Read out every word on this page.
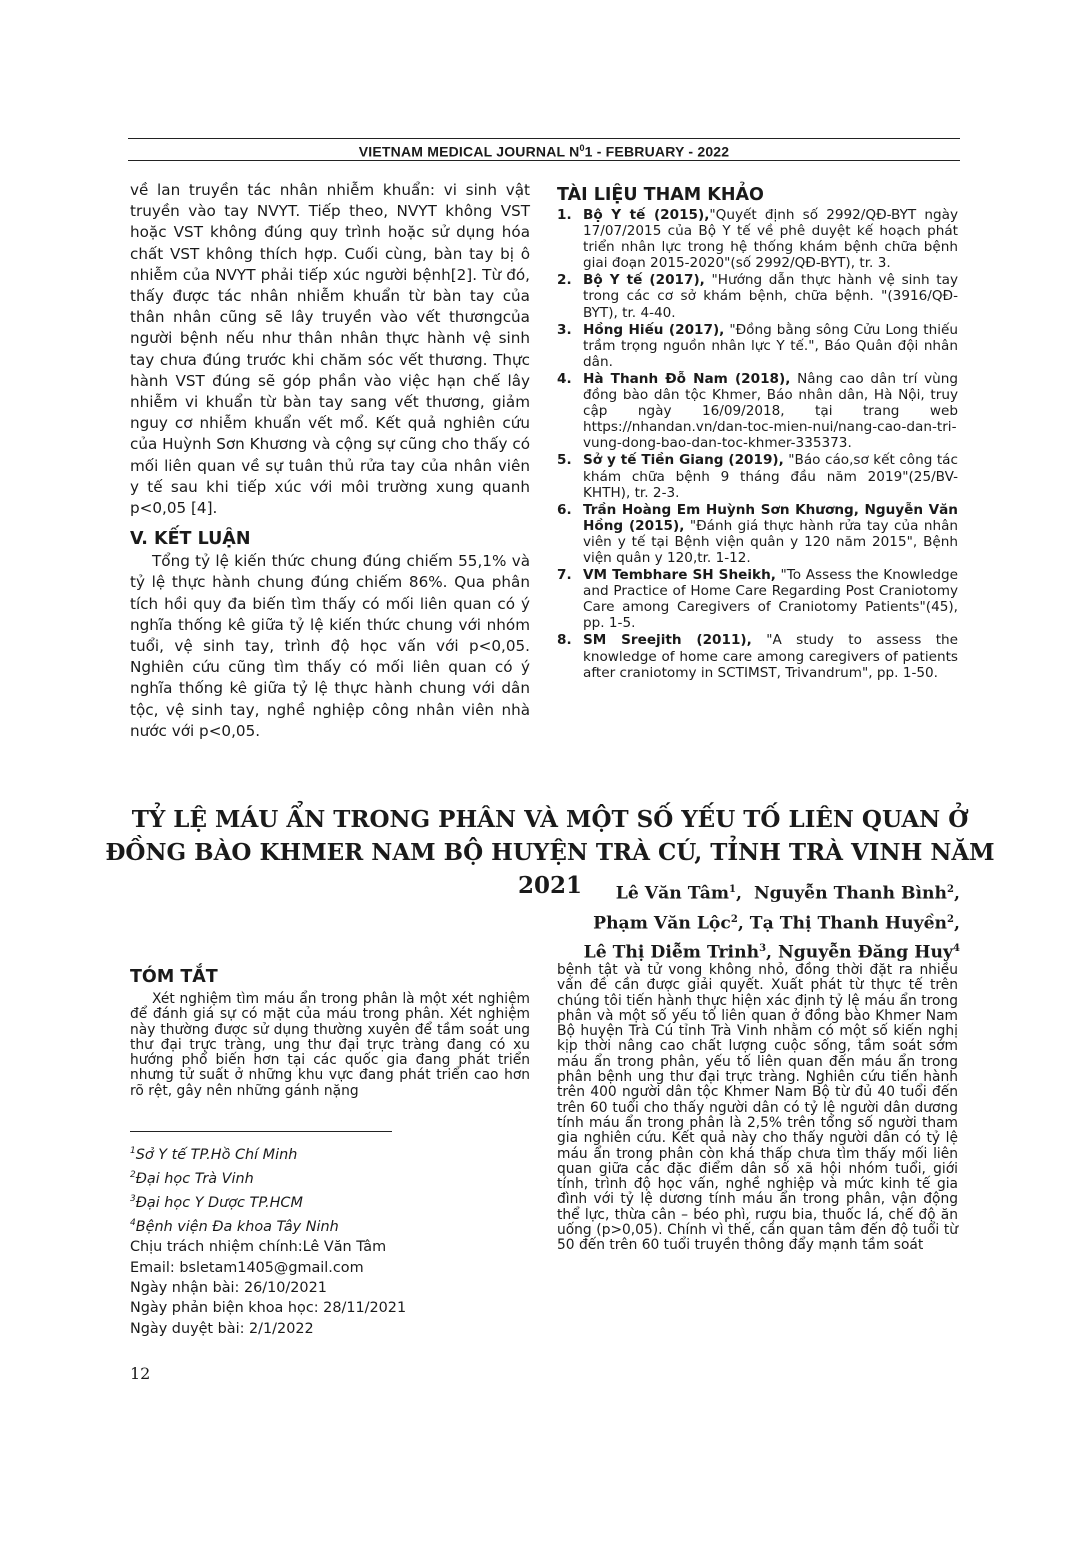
VIETNAM MEDICAL JOURNAL $N^01$ - FEBRUARY - 2022

về lan truyền tác nhân nhiễm khuẩn: vi sinh vật truyền vào tay NVYT. Tiếp theo, NVYT không VST hoặc VST không đúng quy trình hoặc sử dụng hóa chất VST không thích hợp. Cuối cùng, bàn tay bị ô nhiễm của NVYT phải tiếp xúc người bệnh[2]. Từ đó, thấy được tác nhân nhiễm khuẩn từ bàn tay của thân nhân cũng sẽ lây truyền vào vết thươngcủa người bệnh nếu như thân nhân thực hành vệ sinh tay chưa đúng trước khi chăm sóc vết thương. Thực hành VST đúng sẽ góp phần vào việc hạn chế lây nhiễm vi khuẩn từ bàn tay sang vết thương, giảm nguy cơ nhiễm khuẩn vết mổ. Kết quả nghiên cứu của Huỳnh Sơn Khương và cộng sự cũng cho thấy có mối liên quan về sự tuân thủ rửa tay của nhân viên y tế sau khi tiếp xúc với môi trường xung quanh p<0,05 [4].

V. KẾT LUẬN

Tổng tỷ lệ kiến thức chung đúng chiếm 55,1% và tỷ lệ thực hành chung đúng chiếm 86%. Qua phân tích hồi quy đa biến tìm thấy có mối liên quan có ý nghĩa thống kê giữa tỷ lệ kiến thức chung với nhóm tuổi, vệ sinh tay, trình độ học vấn với p<0,05. Nghiên cứu cũng tìm thấy có mối liên quan có ý nghĩa thống kê giữa tỷ lệ thực hành chung với dân tộc, vệ sinh tay, nghề nghiệp công nhân viên nhà nước với p<0,05.

TÀI LIỆU THAM KHẢO
1. Bộ Y tế (2015),"Quyết định số 2992/QĐ-BYT ngày 17/07/2015 của Bộ Y tế về phê duyệt kế hoạch phát triển nhân lực trong hệ thống khám bệnh chữa bệnh giai đoạn 2015-2020"(số 2992/QĐ-BYT), tr. 3.
2. Bộ Y tế (2017), "Hướng dẫn thực hành vệ sinh tay trong các cơ sở khám bệnh, chữa bệnh. "(3916/QĐ-BYT), tr. 4-40.
3. Hồng Hiếu (2017), "Đồng bằng sông Cửu Long thiếu trầm trọng nguồn nhân lực Y tế.", Báo Quân đội nhân dân.
4. Hà Thanh Đỗ Nam (2018), Nâng cao dân trí vùng đồng bào dân tộc Khmer, Báo nhân dân, Hà Nội, truy cập ngày 16/09/2018, tại trang web https://nhandan.vn/dan-toc-mien-nui/nang-cao-dan-tri-vung-dong-bao-dan-toc-khmer-335373.
5. Sở y tế Tiền Giang (2019), "Báo cáo,sơ kết công tác khám chữa bệnh 9 tháng đầu năm 2019"(25/BV-KHTH), tr. 2-3.
6. Trần Hoàng Em Huỳnh Sơn Khương, Nguyễn Văn Hồng (2015), "Đánh giá thực hành rửa tay của nhân viên y tế tại Bệnh viện quân y 120 năm 2015", Bệnh viện quân y 120,tr. 1-12.
7. VM Tembhare SH Sheikh, "To Assess the Knowledge and Practice of Home Care Regarding Post Craniotomy Care among Caregivers of Craniotomy Patients"(45), pp. 1-5.
8. SM Sreejith (2011), "A study to assess the knowledge of home care among caregivers of patients after craniotomy in SCTIMST, Trivandrum", pp. 1-50.
TỶ LỆ MÁU ẨN TRONG PHÂN VÀ MỘT SỐ YẾU TỐ LIÊN QUAN Ở
ĐỒNG BÀO KHMER NAM BỘ HUYỆN TRÀ CÚ, TỈNH TRÀ VINH NĂM 2021	Lê Văn Tâm$^1$,  Nguyễn Thanh Bình$^2$,
Phạm Văn Lộc$^2$, Tạ Thị Thanh Huyền$^2$,
Lê Thị Diễm Trinh$^3$, Nguyễn Đăng Huy$^4$
TÓM TẮT

Xét nghiệm tìm máu ẩn trong phân là một xét nghiệm để đánh giá sự có mặt của máu trong phân. Xét nghiệm này thường được sử dụng thường xuyên để tầm soát ung thư đại trực tràng, ung thư đại trực tràng đang có xu hướng phổ biến hơn tại các quốc gia đang phát triển nhưng tử suất ở những khu vực đang phát triển cao hơn rõ rệt, gây nên những gánh nặng

$^1$Sở Y tế TP.Hồ Chí Minh
$^2$Đại học Trà Vinh
$^3$Đại học Y Dược TP.HCM
$^4$Bệnh viện Đa khoa Tây Ninh
Chịu trách nhiệm chính:Lê Văn Tâm
Email: bsletam1405@gmail.com
Ngày nhận bài: 26/10/2021
Ngày phản biện khoa học: 28/11/2021
Ngày duyệt bài: 2/1/2022

bệnh tật và tử vong không nhỏ, đồng thời đặt ra nhiều vấn đề cần được giải quyết. Xuất phát từ thực tế trên chúng tôi tiến hành thực hiện xác định tỷ lệ máu ẩn trong phân và một số yếu tố liên quan ở đồng bào Khmer Nam Bộ huyện Trà Cú tỉnh Trà Vinh nhằm có một số kiến nghị kịp thời nâng cao chất lượng cuộc sống, tầm soát sớm máu ẩn trong phân, yếu tố liên quan đến máu ẩn trong phân bệnh ung thư đại trực tràng. Nghiên cứu tiến hành trên 400 người dân tộc Khmer Nam Bộ từ đủ 40 tuổi đến trên 60 tuổi cho thấy người dân có tỷ lệ người dân dương tính máu ẩn trong phân là 2,5% trên tổng số người tham gia nghiên cứu. Kết quả này cho thấy người dân có tỷ lệ máu ẩn trong phân còn khá thấp chưa tìm thấy mối liên quan giữa các đặc điểm dân số xã hội nhóm tuổi, giới tính, trình độ học vấn, nghề nghiệp và mức kinh tế gia đình với tỷ lệ dương tính máu ẩn trong phân, vận động thể lực, thừa cân – béo phì, rượu bia, thuốc lá, chế độ ăn uống (p>0,05). Chính vì thế, cần quan tâm đến độ tuổi từ 50 đến trên 60 tuổi truyền thông đẩy mạnh tầm soát

12
